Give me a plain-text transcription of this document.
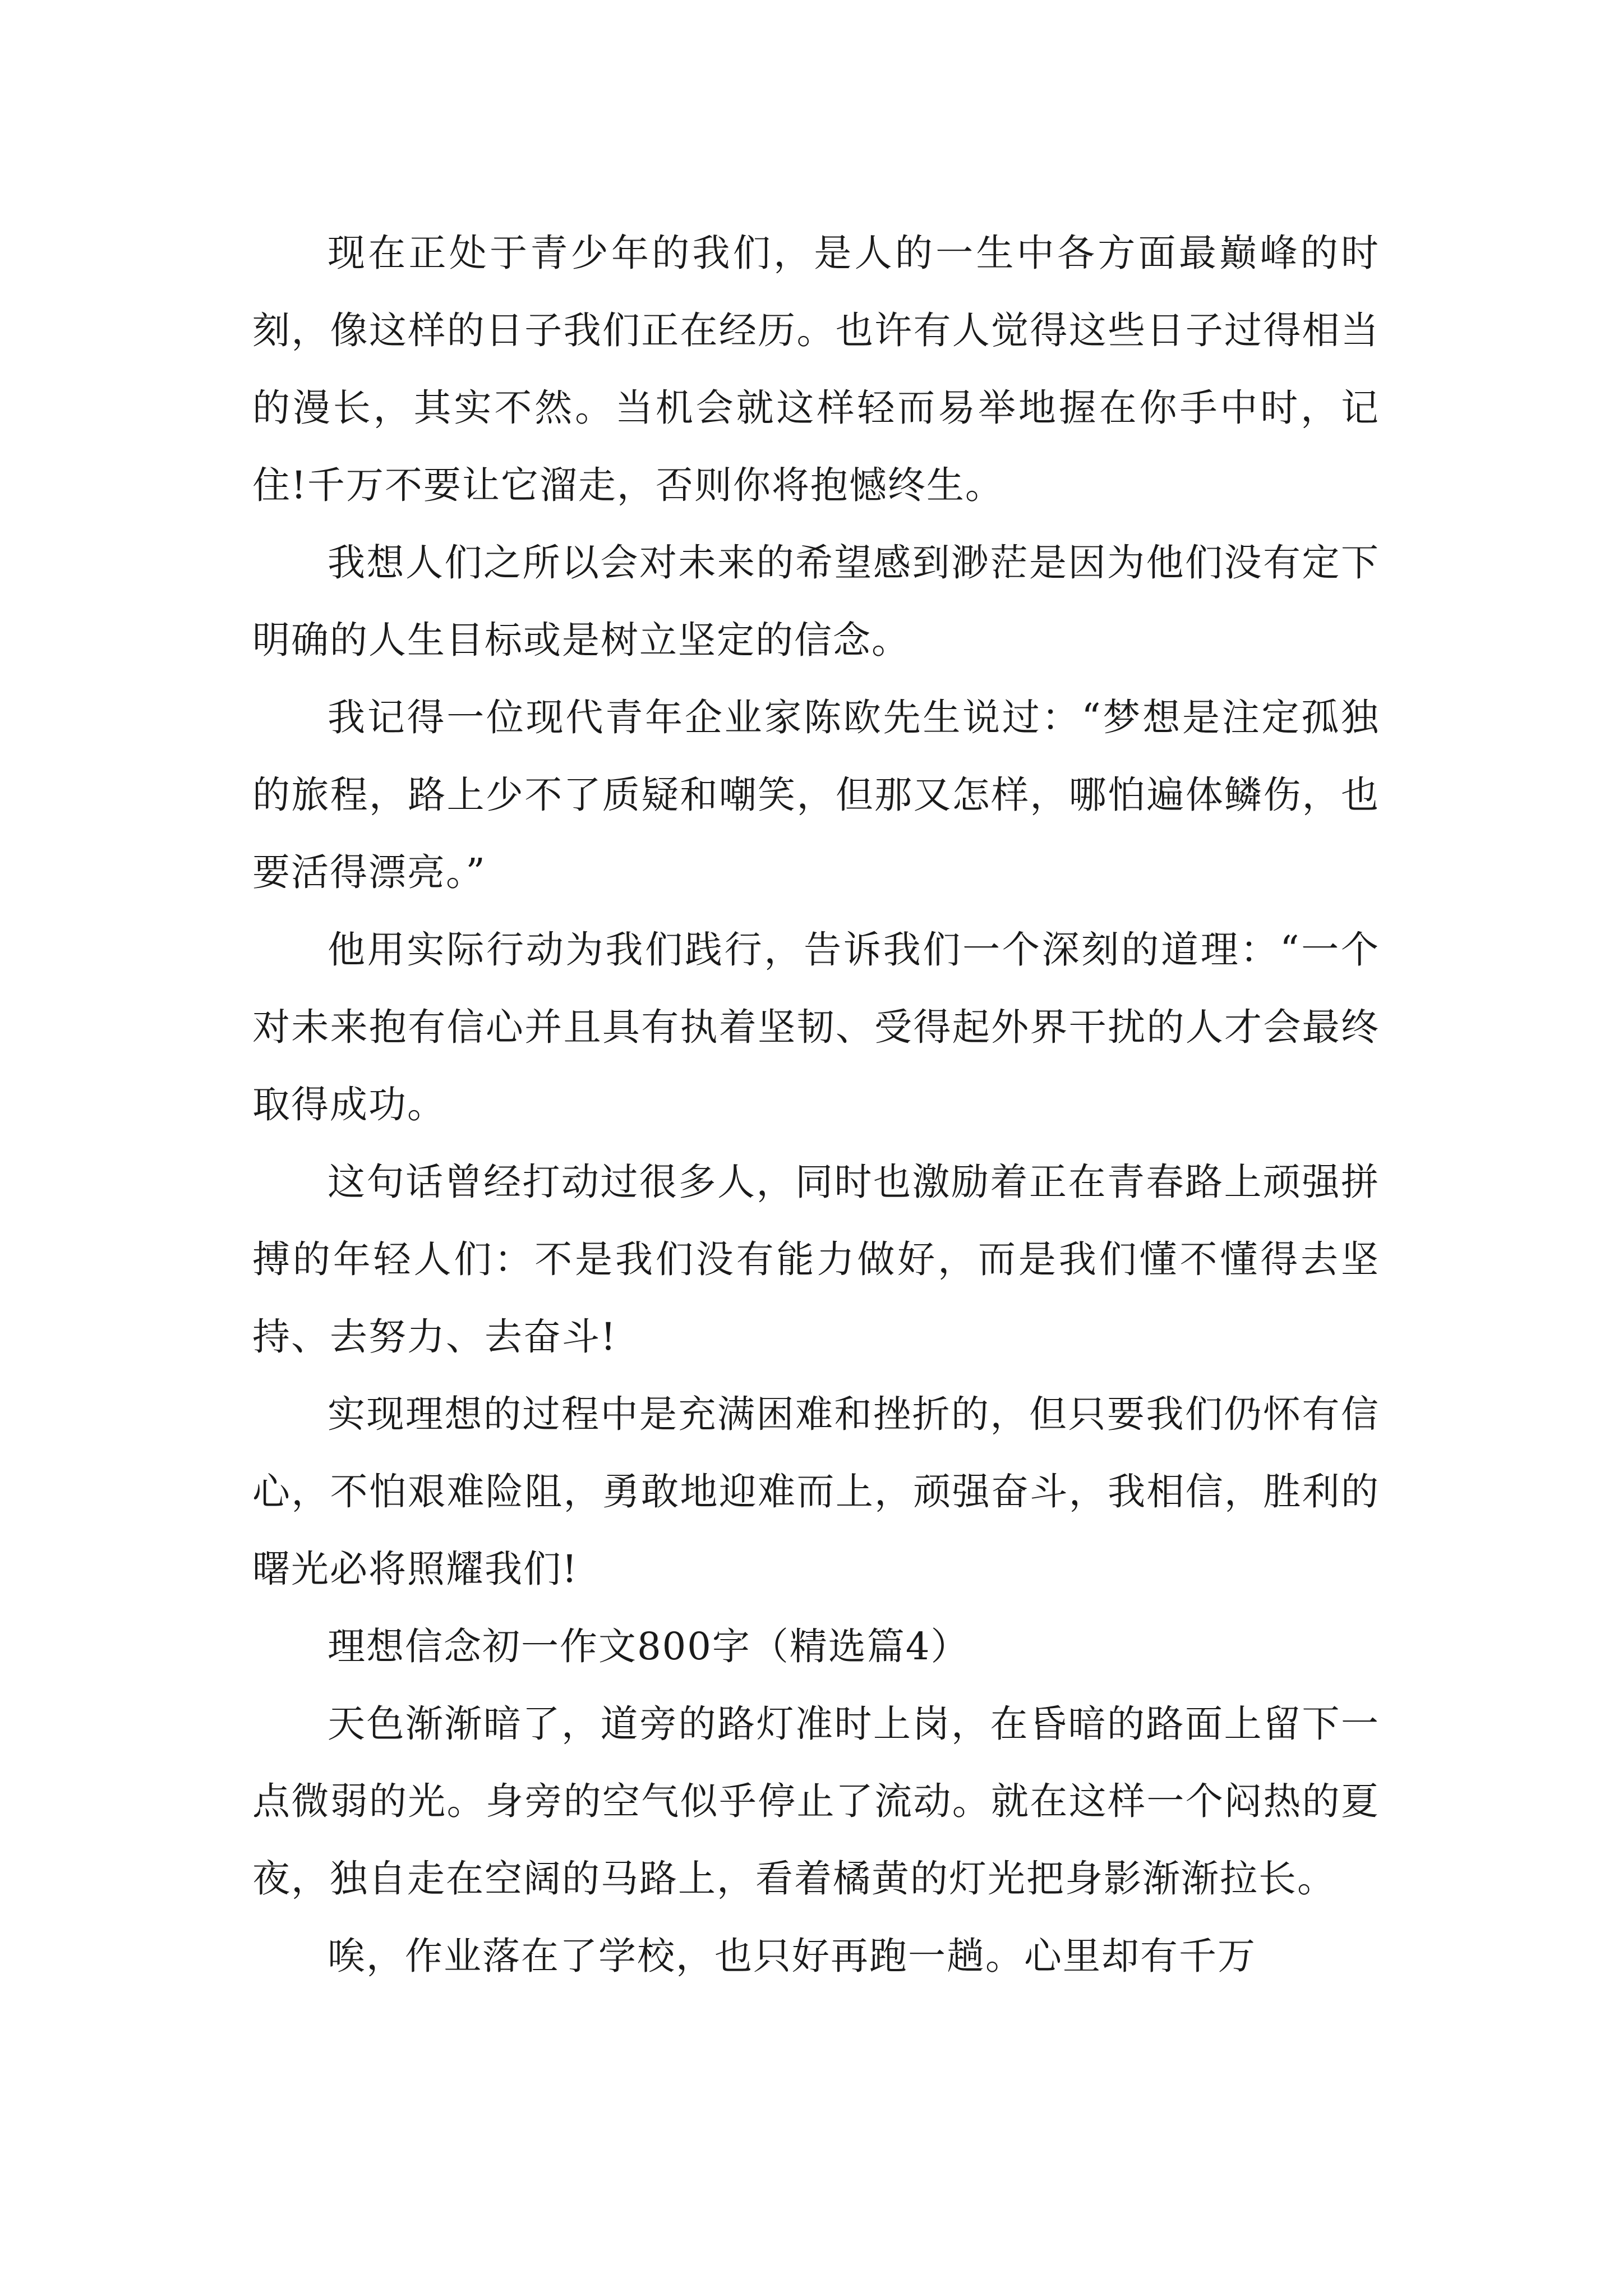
现在正处于青少年的我们，是人的一生中各方面最巅峰的时刻，像这样的日子我们正在经历。也许有人觉得这些日子过得相当的漫长，其实不然。当机会就这样轻而易举地握在你手中时，记住!千万不要让它溜走，否则你将抱憾终生。

我想人们之所以会对未来的希望感到渺茫是因为他们没有定下明确的人生目标或是树立坚定的信念。

我记得一位现代青年企业家陈欧先生说过：“梦想是注定孤独的旅程，路上少不了质疑和嘲笑，但那又怎样，哪怕遍体鳞伤，也要活得漂亮。”

他用实际行动为我们践行，告诉我们一个深刻的道理：“一个对未来抱有信心并且具有执着坚韧、受得起外界干扰的人才会最终取得成功。

这句话曾经打动过很多人，同时也激励着正在青春路上顽强拼搏的年轻人们：不是我们没有能力做好，而是我们懂不懂得去坚持、去努力、去奋斗!

实现理想的过程中是充满困难和挫折的，但只要我们仍怀有信心，不怕艰难险阻，勇敢地迎难而上，顽强奋斗，我相信，胜利的曙光必将照耀我们!

理想信念初一作文800字（精选篇4）

天色渐渐暗了，道旁的路灯准时上岗，在昏暗的路面上留下一点微弱的光。身旁的空气似乎停止了流动。就在这样一个闷热的夏夜，独自走在空阔的马路上，看着橘黄的灯光把身影渐渐拉长。

唉，作业落在了学校，也只好再跑一趟。心里却有千万
